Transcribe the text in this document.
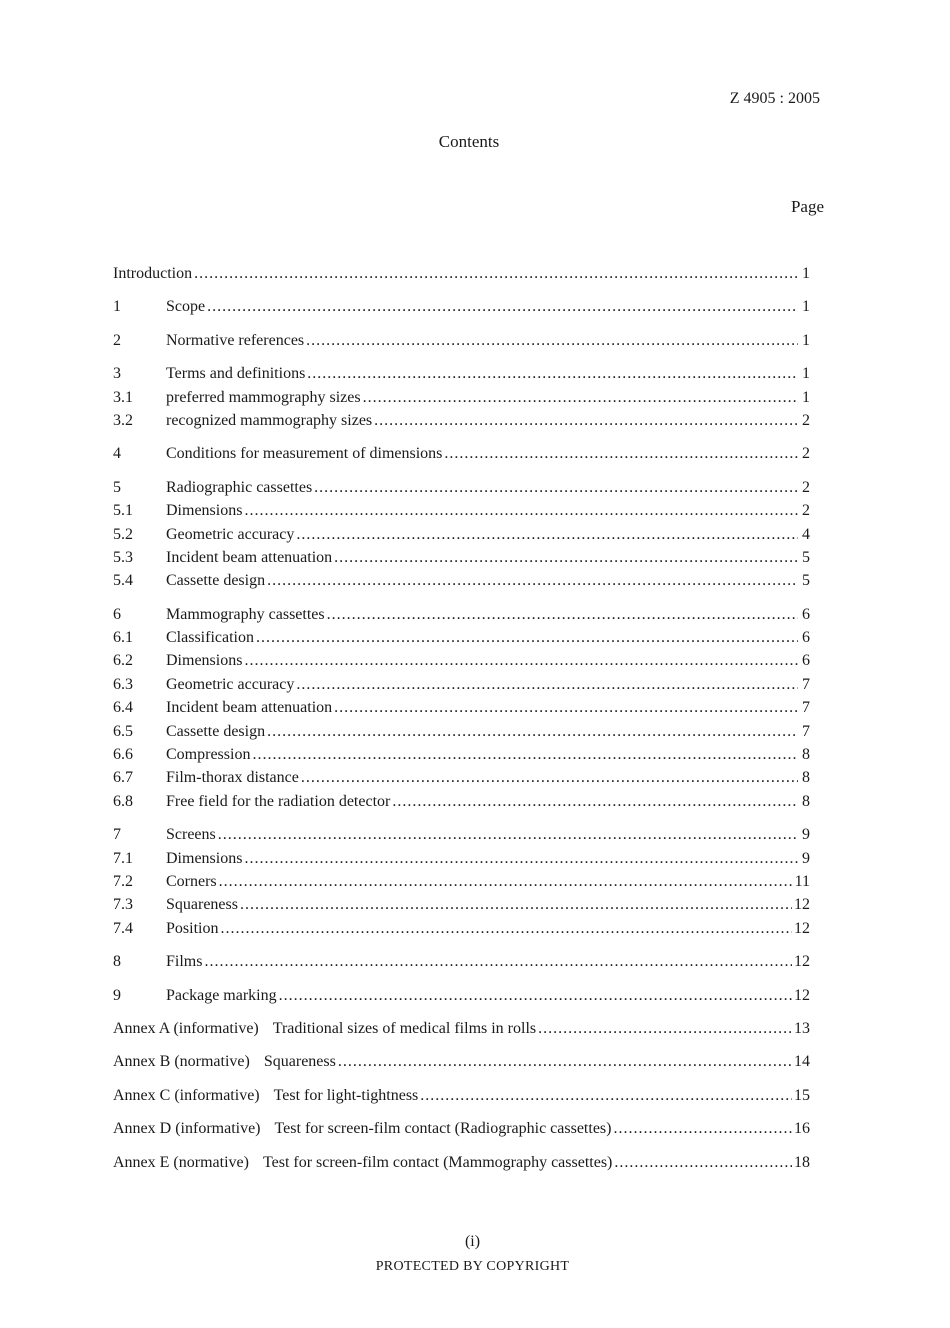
Z 4905 : 2005
Contents
Page
Introduction .....	1
1	Scope .....	1
2	Normative references .....	1
3	Terms and definitions .....	1
3.1	preferred mammography sizes .....	1
3.2	recognized mammography sizes .....	2
4	Conditions for measurement of dimensions .....	2
5	Radiographic cassettes .....	2
5.1	Dimensions .....	2
5.2	Geometric accuracy .....	4
5.3	Incident beam attenuation .....	5
5.4	Cassette design .....	5
6	Mammography cassettes .....	6
6.1	Classification .....	6
6.2	Dimensions .....	6
6.3	Geometric accuracy .....	7
6.4	Incident beam attenuation .....	7
6.5	Cassette design .....	7
6.6	Compression .....	8
6.7	Film-thorax distance .....	8
6.8	Free field for the radiation detector .....	8
7	Screens .....	9
7.1	Dimensions .....	9
7.2	Corners .....	11
7.3	Squareness .....	12
7.4	Position .....	12
8	Films .....	12
9	Package marking .....	12
Annex A (informative) Traditional sizes of medical films in rolls .....	13
Annex B (normative) Squareness .....	14
Annex C (informative) Test for light-tightness .....	15
Annex D (informative) Test for screen-film contact (Radiographic cassettes) .....	16
Annex E (normative) Test for screen-film contact (Mammography cassettes) .....	18
(i)
PROTECTED BY COPYRIGHT
